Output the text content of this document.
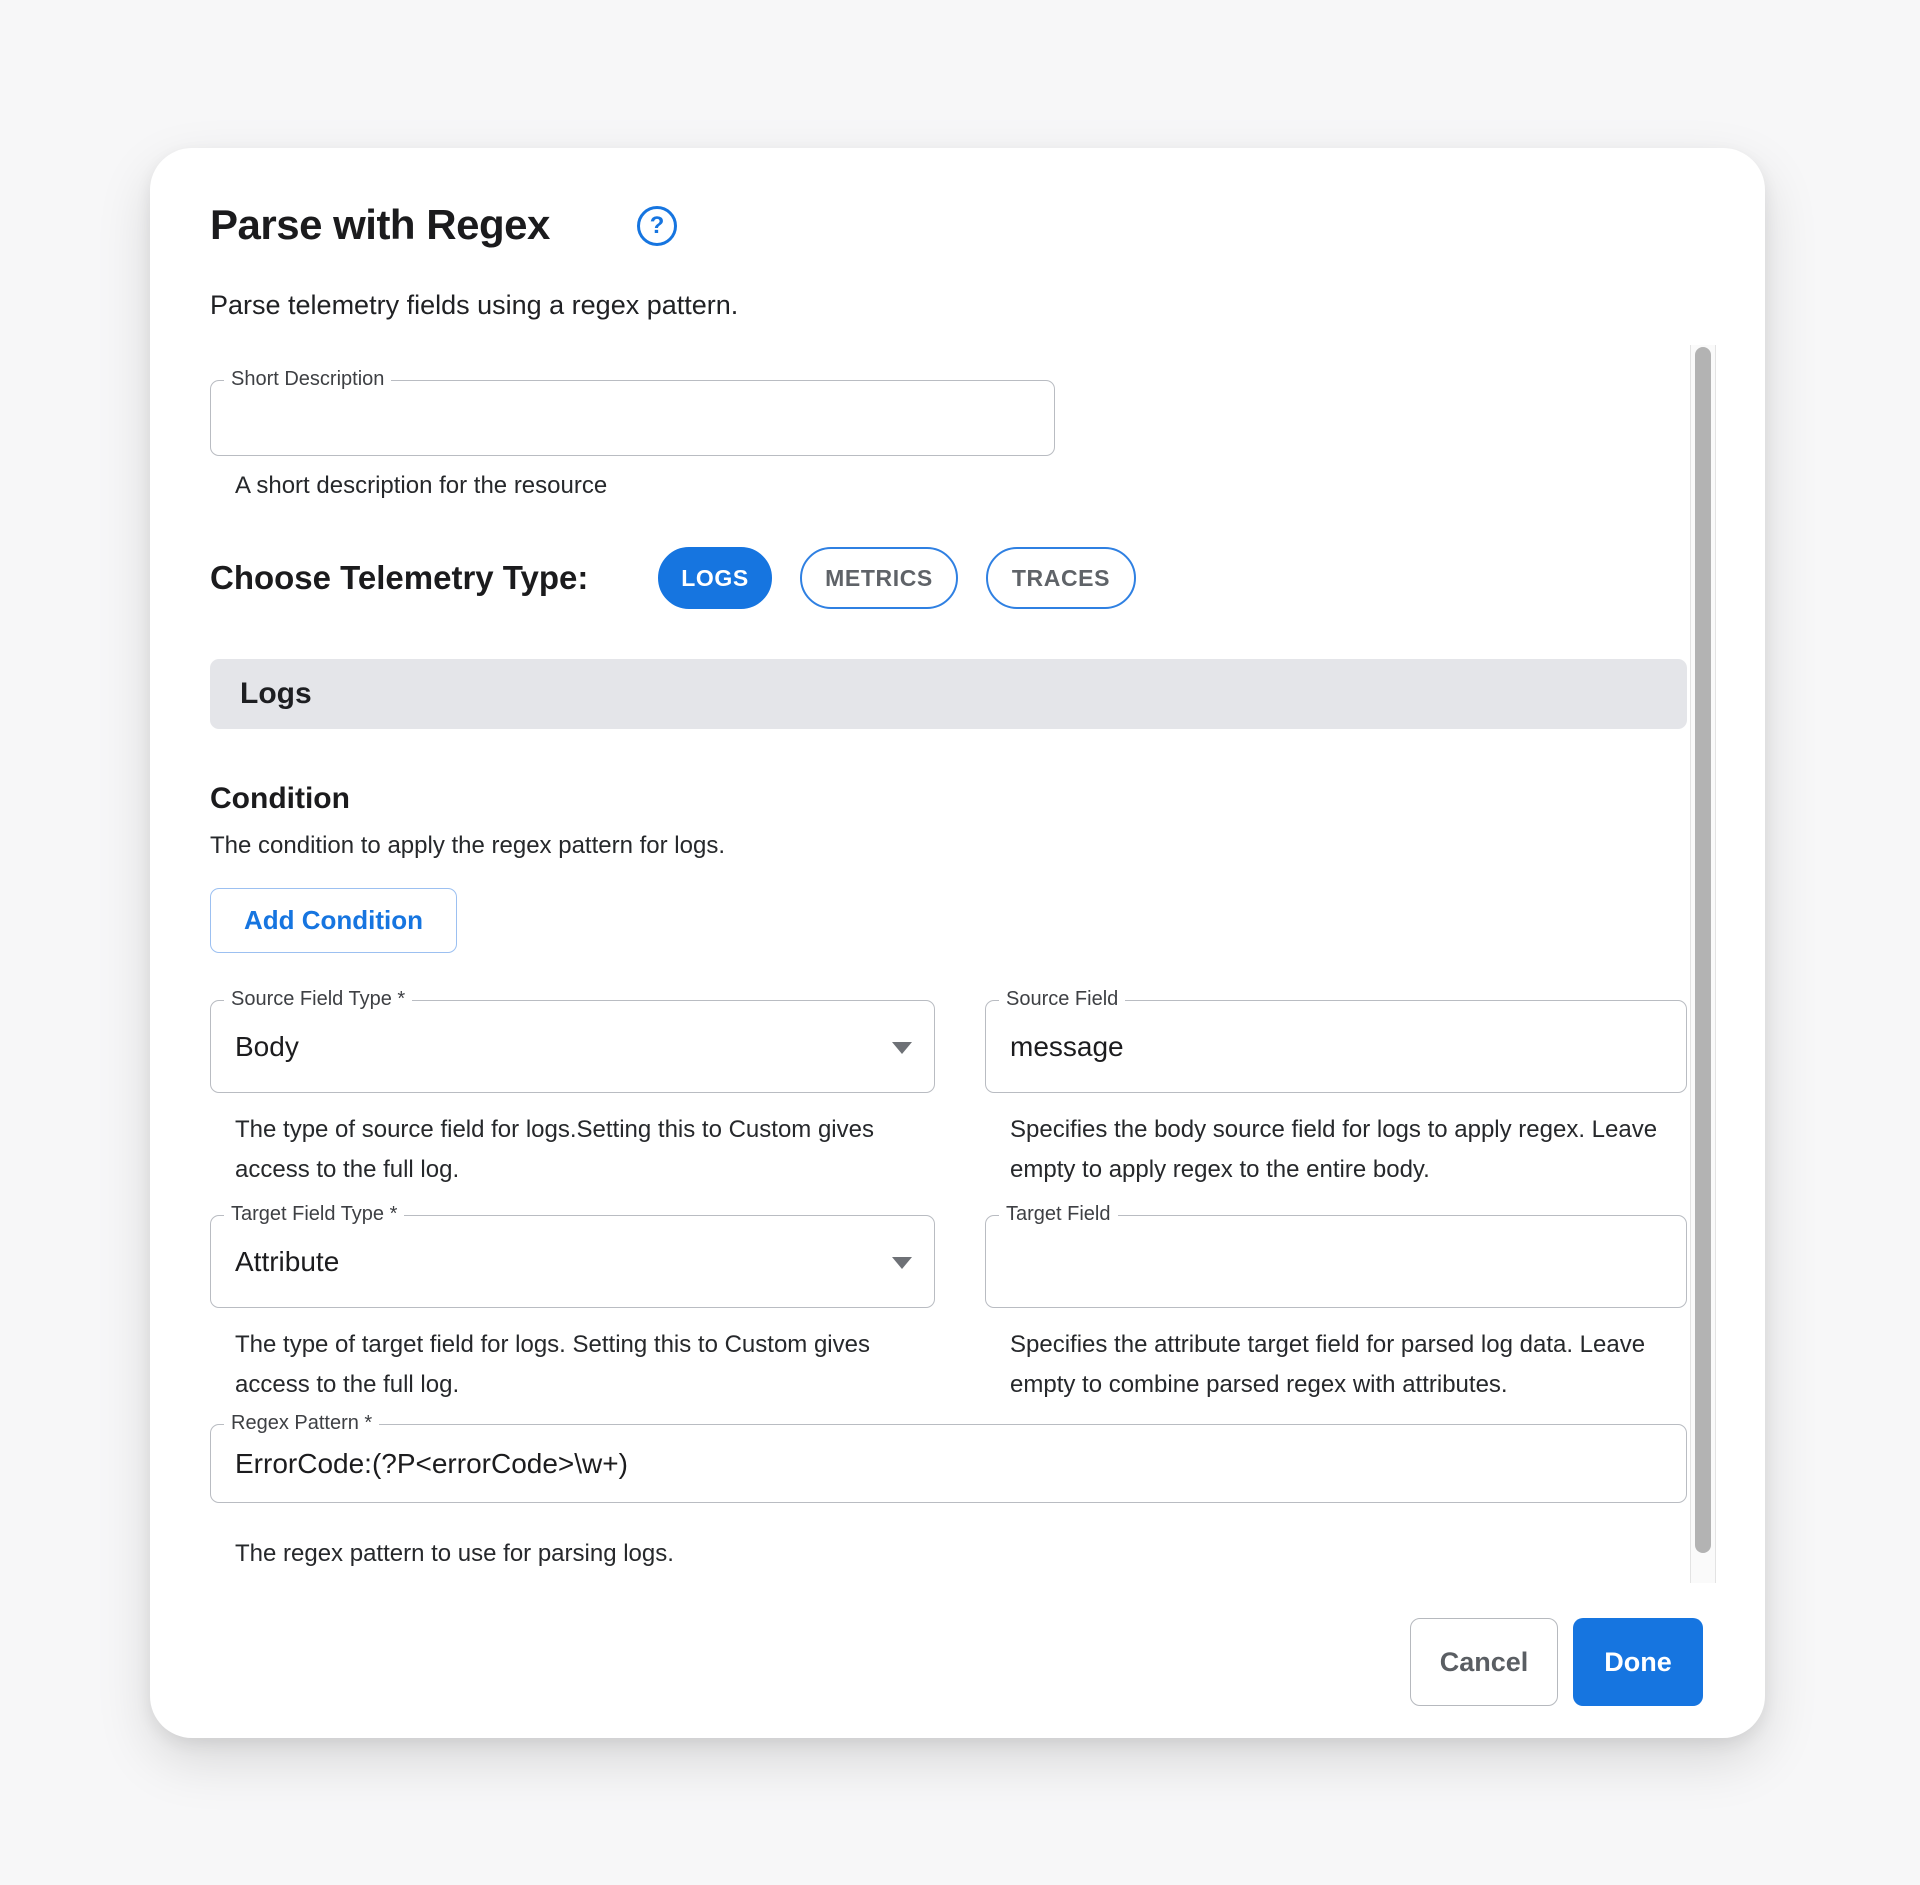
Parse with Regex	?

Parse telemetry fields using a regex pattern.

Short Description
A short description for the resource
Choose Telemetry Type:	LOGS	METRICS	TRACES
Logs
Condition
The condition to apply the regex pattern for logs.
Add Condition
Source Field Type *
Body
Source Field
message
The type of source field for logs.Setting this to Custom gives access to the full log.
Specifies the body source field for logs to apply regex. Leave empty to apply regex to the entire body.
Target Field Type *
Attribute
Target Field
The type of target field for logs. Setting this to Custom gives access to the full log.
Specifies the attribute target field for parsed log data. Leave empty to combine parsed regex with attributes.
Regex Pattern *
ErrorCode:(?P<errorCode>\w+)
The regex pattern to use for parsing logs.
Cancel	Done
